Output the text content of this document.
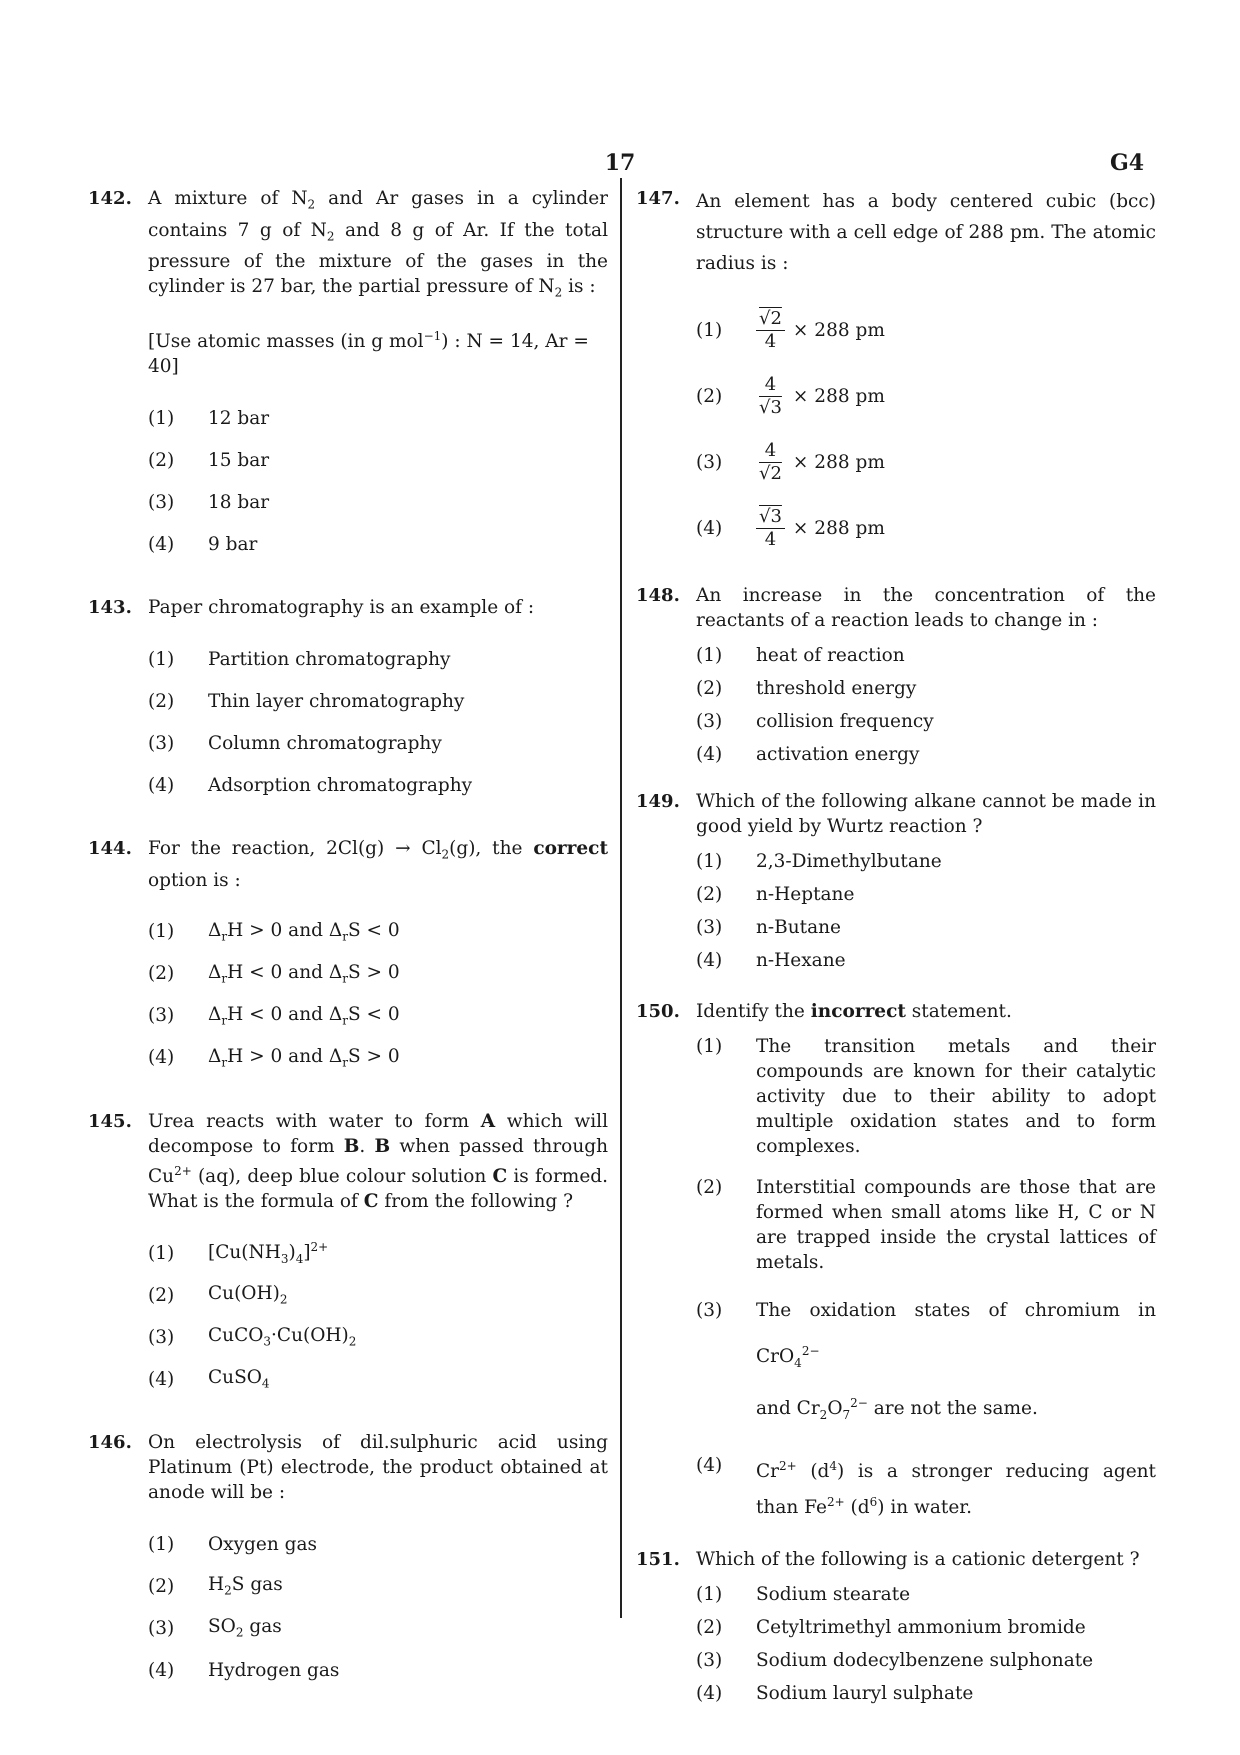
17	G4
142. A mixture of $N_2$ and Ar gases in a cylinder contains 7 g of $N_2$ and 8 g of Ar. If the total pressure of the mixture of the gases in the cylinder is 27 bar, the partial pressure of $N_2$ is :
[Use atomic masses (in g mol$^{-1}$) : N = 14, Ar = 40]
(1)	12 bar
(2)	15 bar
(3)	18 bar
(4)	9 bar
143. Paper chromatography is an example of :
(1)	Partition chromatography
(2)	Thin layer chromatography
(3)	Column chromatography
(4)	Adsorption chromatography
144. For the reaction, $2Cl(g) \to Cl_2(g)$, the correct option is :
(1)	$\Delta_rH > 0$ and $\Delta_rS < 0$
(2)	$\Delta_rH < 0$ and $\Delta_rS > 0$
(3)	$\Delta_rH < 0$ and $\Delta_rS < 0$
(4)	$\Delta_rH > 0$ and $\Delta_rS > 0$
145. Urea reacts with water to form A which will decompose to form B. B when passed through $Cu^{2+}$ (aq), deep blue colour solution C is formed. What is the formula of C from the following ?
(1)	$[Cu(NH_3)_4]^{2+}$
(2)	$Cu(OH)_2$
(3)	$CuCO_3\cdot Cu(OH)_2$
(4)	CuSO$_4$
146. On electrolysis of dil.sulphuric acid using Platinum (Pt) electrode, the product obtained at anode will be :
(1)	Oxygen gas
(2)	$H_2S$ gas
(3)	$SO_2$ gas
(4)	Hydrogen gas
147. An element has a body centered cubic (bcc) structure with a cell edge of 288 pm. The atomic radius is :
(1)	$\frac{√2}{4} \times 288$ pm
(2)	$\frac{4}{√3} \times 288$ pm
(3)	$\frac{4}{√2} \times 288$ pm
(4)	$\frac{√3}{4} \times 288$ pm
148. An increase in the concentration of the reactants of a reaction leads to change in :
(1)	heat of reaction
(2)	threshold energy
(3)	collision frequency
(4)	activation energy
149. Which of the following alkane cannot be made in good yield by Wurtz reaction ?
(1)	2,3-Dimethylbutane
(2)	n-Heptane
(3)	n-Butane
(4)	n-Hexane
150. Identify the incorrect statement.
(1)	The transition metals and their compounds are known for their catalytic activity due to their ability to adopt multiple oxidation states and to form complexes.
(2)	Interstitial compounds are those that are formed when small atoms like H, C or N are trapped inside the crystal lattices of metals.
(3)	The oxidation states of chromium in CrO$_4^{2-}$
and $Cr_2O_7^{2-}$ are not the same.
(4)	$Cr^{2+}$ $(d^4)$ is a stronger reducing agent than $Fe^{2+}$ $(d^6)$ in water.
151. Which of the following is a cationic detergent ?
(1)	Sodium stearate
(2)	Cetyltrimethyl ammonium bromide
(3)	Sodium dodecylbenzene sulphonate
(4)	Sodium lauryl sulphate
